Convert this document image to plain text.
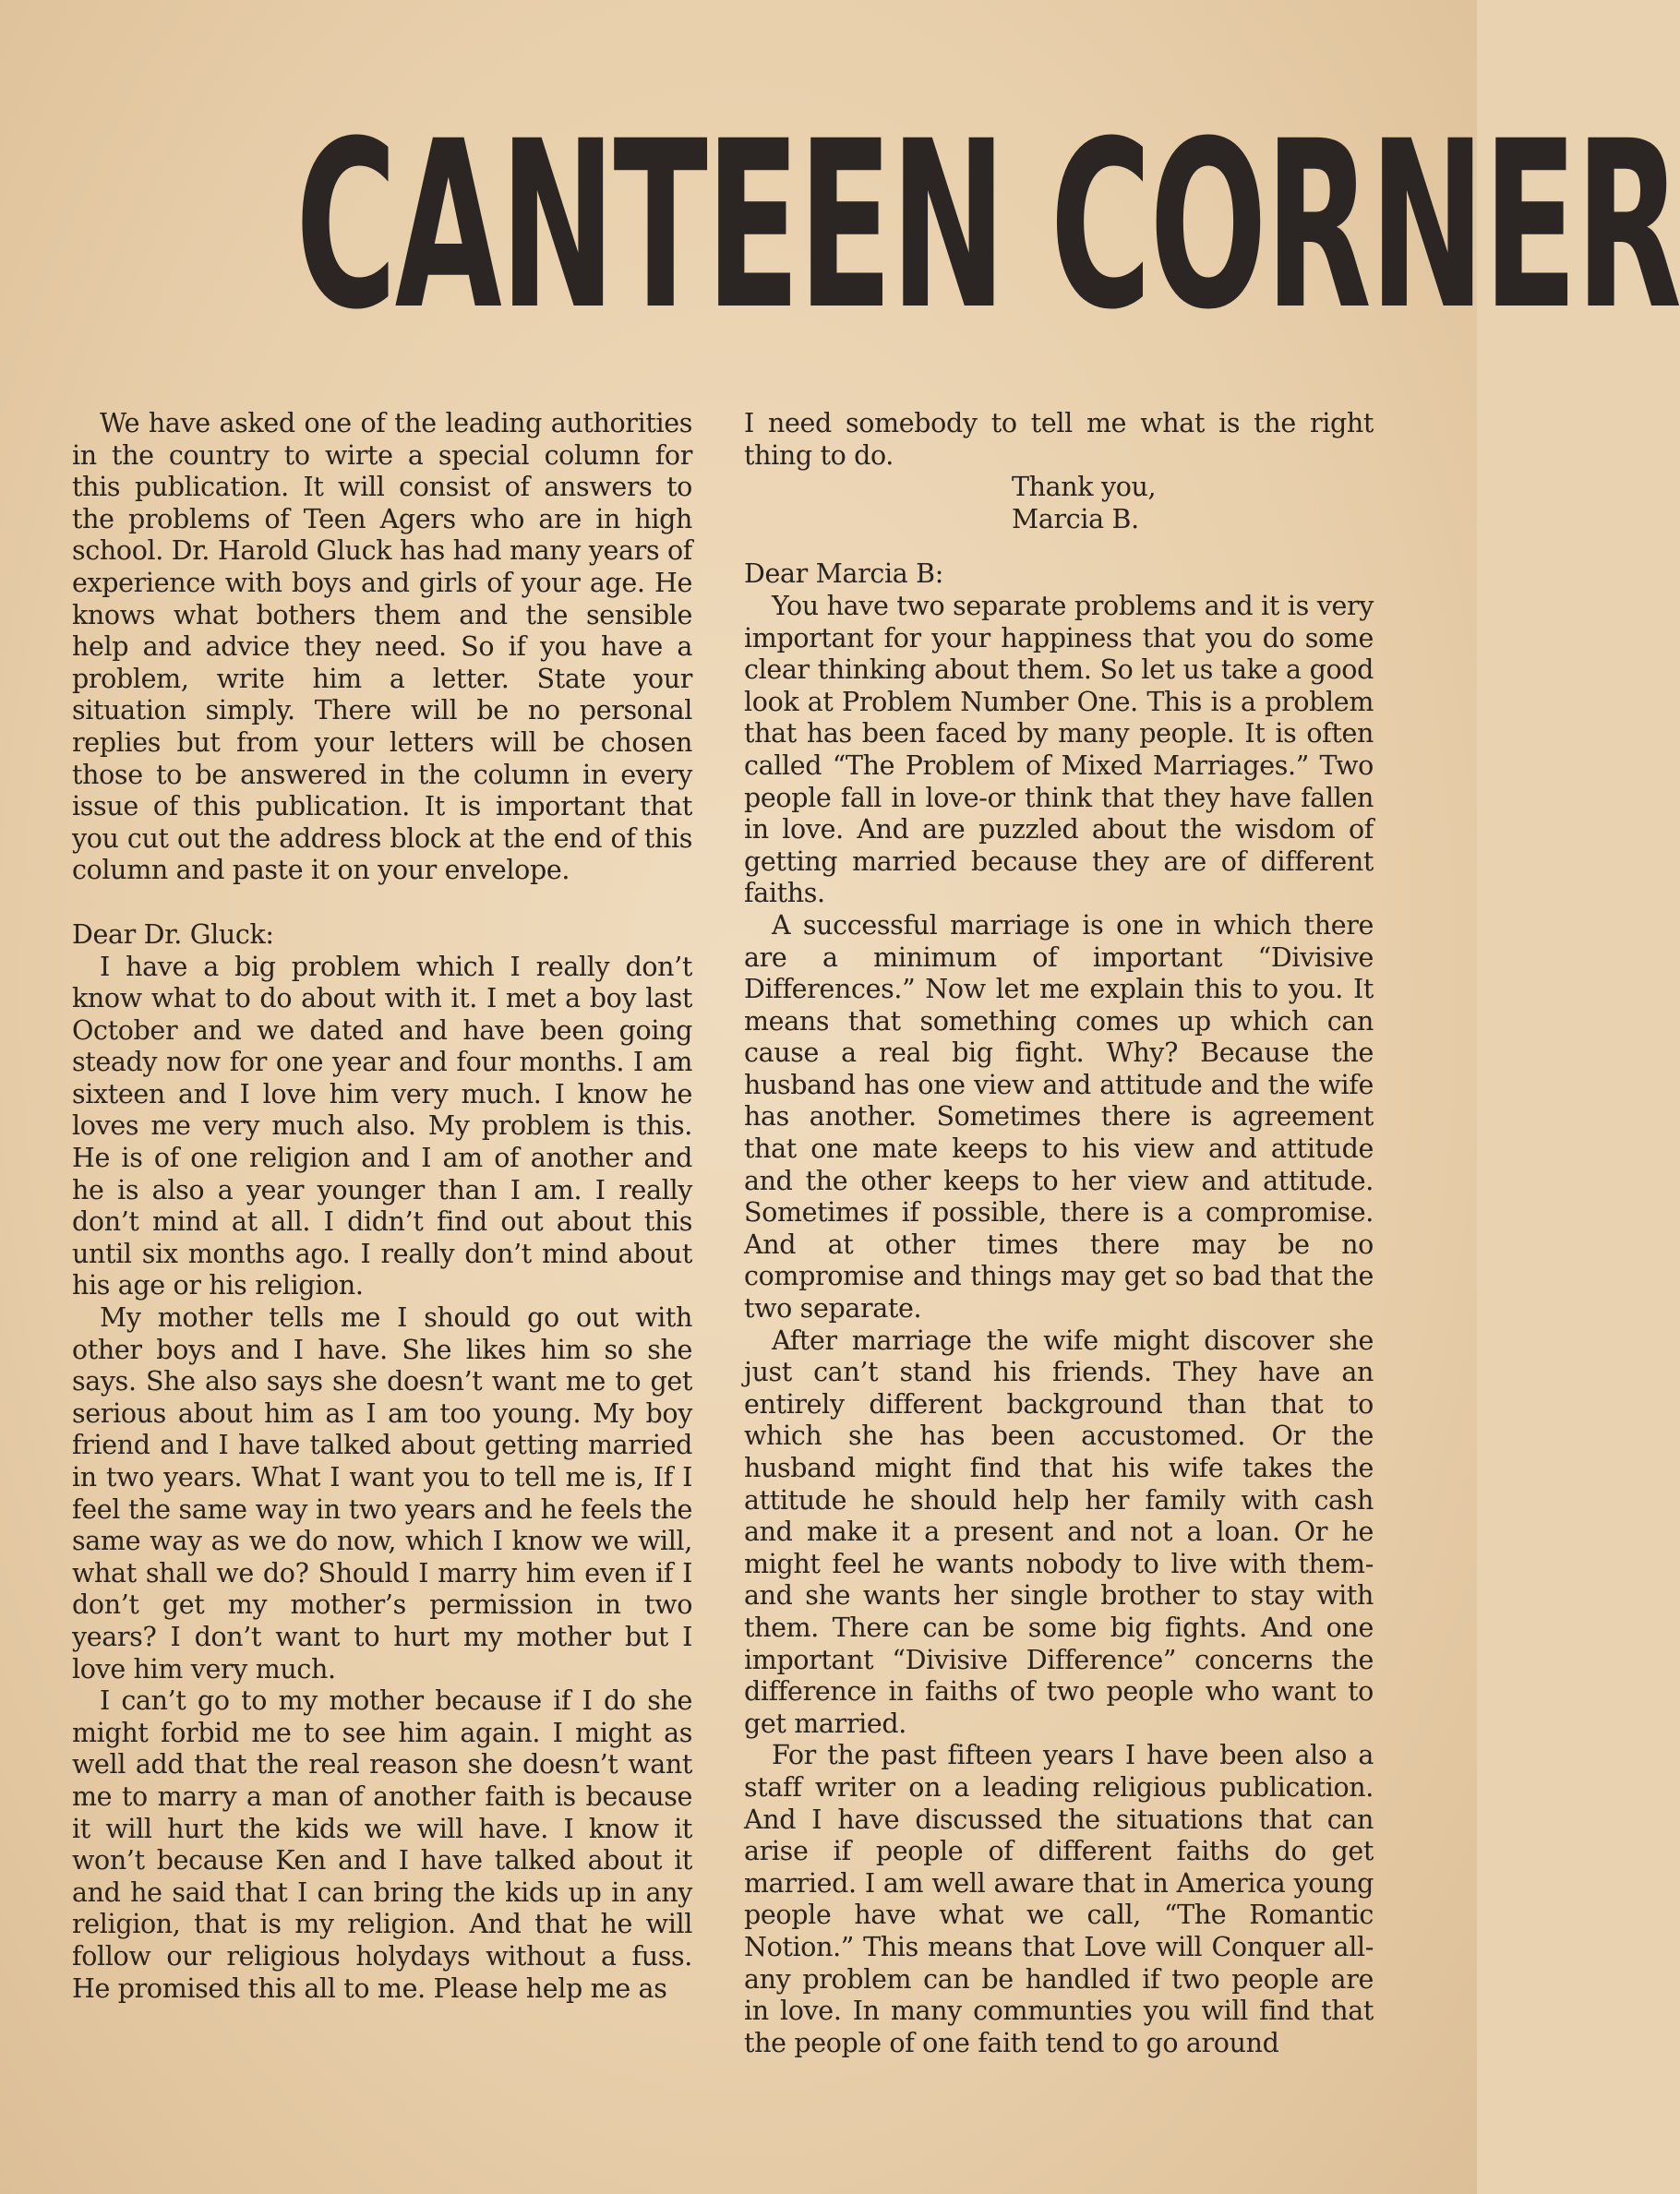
CANTEEN CORNER

We have asked one of the leading authorities in the country to wirte a special column for this publication. It will consist of answers to the problems of Teen Agers who are in high school. Dr. Harold Gluck has had many years of experience with boys and girls of your age. He knows what bothers them and the sensible help and advice they need. So if you have a problem, write him a letter. State your situation simply. There will be no personal replies but from your letters will be chosen those to be answered in the column in every issue of this publication. It is important that you cut out the address block at the end of this column and paste it on your envelope.

Dear Dr. Gluck:

I have a big problem which I really don’t know what to do about with it. I met a boy last October and we dated and have been going steady now for one year and four months. I am sixteen and I love him very much. I know he loves me very much also. My problem is this. He is of one religion and I am of another and he is also a year younger than I am. I really don’t mind at all. I didn’t find out about this until six months ago. I really don’t mind about his age or his religion.

My mother tells me I should go out with other boys and I have. She likes him so she says. She also says she doesn’t want me to get serious about him as I am too young. My boy friend and I have talked about getting married in two years. What I want you to tell me is, If I feel the same way in two years and he feels the same way as we do now, which I know we will, what shall we do? Should I marry him even if I don’t get my mother’s permission in two years? I don’t want to hurt my mother but I love him very much.

I can’t go to my mother because if I do she might forbid me to see him again. I might as well add that the real reason she doesn’t want me to marry a man of another faith is because it will hurt the kids we will have. I know it won’t because Ken and I have talked about it and he said that I can bring the kids up in any religion, that is my religion. And that he will follow our religious holydays without a fuss. He promised this all to me. Please help me as

I need somebody to tell me what is the right thing to do.

Thank you,

Marcia B.

Dear Marcia B:

You have two separate problems and it is very important for your happiness that you do some clear thinking about them. So let us take a good look at Problem Number One. This is a problem that has been faced by many people. It is often called “The Problem of Mixed Marriages.” Two people fall in love-or think that they have fallen in love. And are puzzled about the wisdom of getting married because they are of different faiths.

A successful marriage is one in which there are a minimum of important “Divisive Differences.” Now let me explain this to you. It means that something comes up which can cause a real big fight. Why? Because the husband has one view and attitude and the wife has another. Sometimes there is agreement that one mate keeps to his view and attitude and the other keeps to her view and attitude. Sometimes if possible, there is a compromise. And at other times there may be no compromise and things may get so bad that the two separate.

After marriage the wife might discover she just can’t stand his friends. They have an entirely different background than that to which she has been accustomed. Or the husband might find that his wife takes the attitude he should help her family with cash and make it a present and not a loan. Or he might feel he wants nobody to live with them-and she wants her single brother to stay with them. There can be some big fights. And one important “Divisive Difference” concerns the difference in faiths of two people who want to get married.

For the past fifteen years I have been also a staff writer on a leading religious publication. And I have discussed the situations that can arise if people of different faiths do get married. I am well aware that in America young people have what we call, “The Romantic Notion.” This means that Love will Conquer all-any problem can be handled if two people are in love. In many communties you will find that the people of one faith tend to go around
